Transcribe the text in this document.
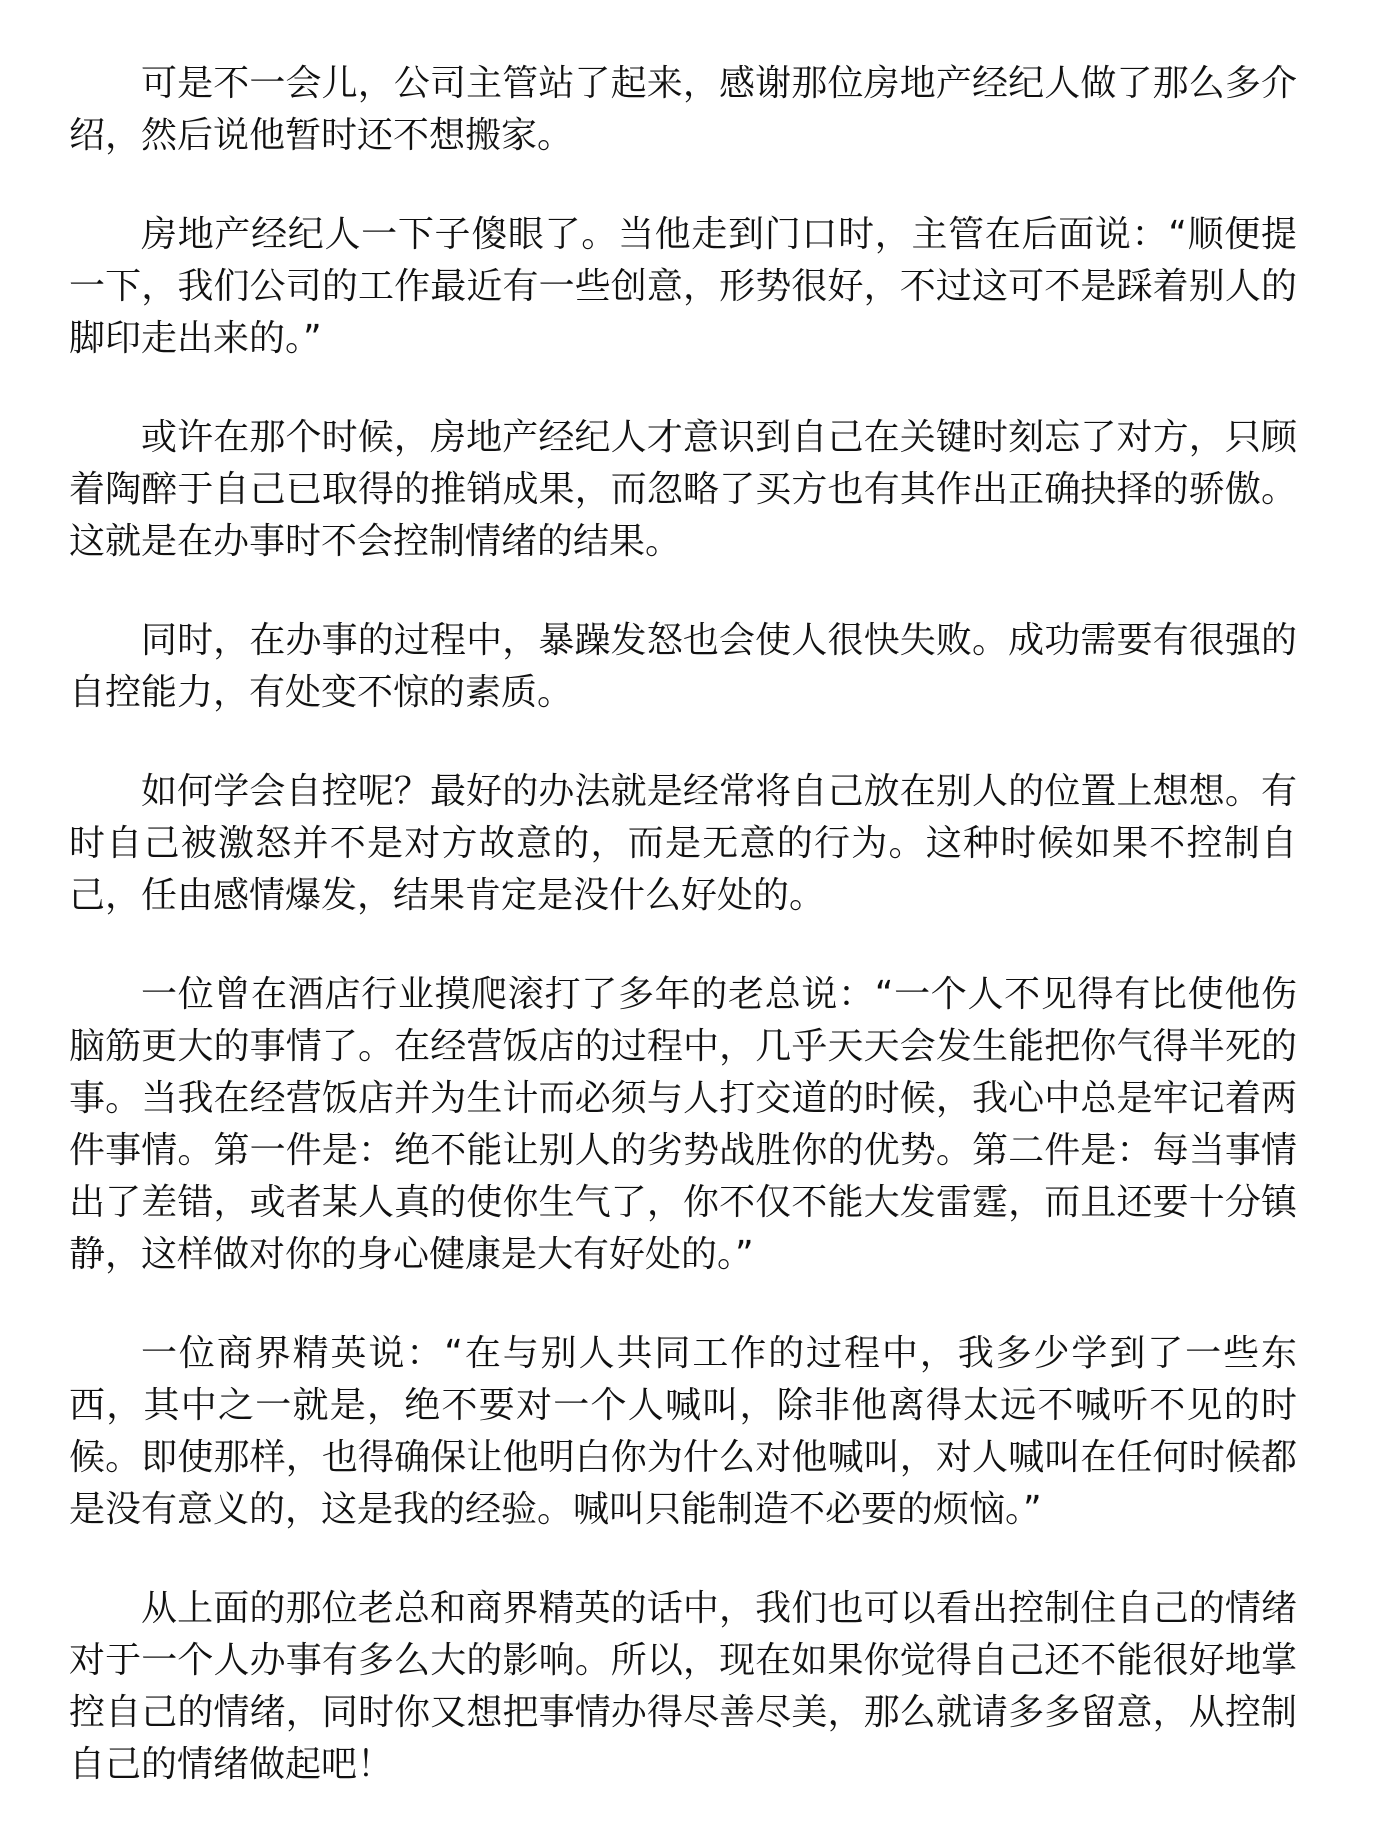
可是不一会儿，公司主管站了起来，感谢那位房地产经纪人做了那么多介绍，然后说他暂时还不想搬家。

房地产经纪人一下子傻眼了。当他走到门口时，主管在后面说：“顺便提一下，我们公司的工作最近有一些创意，形势很好，不过这可不是踩着别人的脚印走出来的。”

或许在那个时候，房地产经纪人才意识到自己在关键时刻忘了对方，只顾着陶醉于自己已取得的推销成果，而忽略了买方也有其作出正确抉择的骄傲。这就是在办事时不会控制情绪的结果。

同时，在办事的过程中，暴躁发怒也会使人很快失败。成功需要有很强的自控能力，有处变不惊的素质。

如何学会自控呢？最好的办法就是经常将自己放在别人的位置上想想。有时自己被激怒并不是对方故意的，而是无意的行为。这种时候如果不控制自己，任由感情爆发，结果肯定是没什么好处的。

一位曾在酒店行业摸爬滚打了多年的老总说：“一个人不见得有比使他伤脑筋更大的事情了。在经营饭店的过程中，几乎天天会发生能把你气得半死的事。当我在经营饭店并为生计而必须与人打交道的时候，我心中总是牢记着两件事情。第一件是：绝不能让别人的劣势战胜你的优势。第二件是：每当事情出了差错，或者某人真的使你生气了，你不仅不能大发雷霆，而且还要十分镇静，这样做对你的身心健康是大有好处的。”

一位商界精英说：“在与别人共同工作的过程中，我多少学到了一些东西，其中之一就是，绝不要对一个人喊叫，除非他离得太远不喊听不见的时候。即使那样，也得确保让他明白你为什么对他喊叫，对人喊叫在任何时候都是没有意义的，这是我的经验。喊叫只能制造不必要的烦恼。”

从上面的那位老总和商界精英的话中，我们也可以看出控制住自己的情绪对于一个人办事有多么大的影响。所以，现在如果你觉得自己还不能很好地掌控自己的情绪，同时你又想把事情办得尽善尽美，那么就请多多留意，从控制自己的情绪做起吧！
